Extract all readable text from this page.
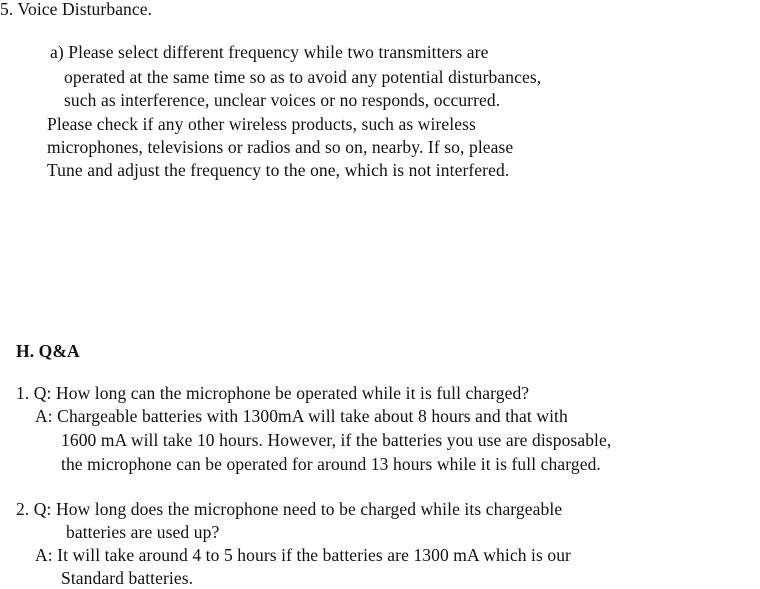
5. Voice Disturbance.
a) Please select different frequency while two transmitters are
operated at the same time so as to avoid any potential disturbances,
such as interference, unclear voices or no responds, occurred.
Please check if any other wireless products, such as wireless
microphones, televisions or radios and so on, nearby. If so, please
Tune and adjust the frequency to the one, which is not interfered.
H. Q&A
1. Q: How long can the microphone be operated while it is full charged?
A: Chargeable batteries with 1300mA will take about 8 hours and that with
1600 mA will take 10 hours. However, if the batteries you use are disposable,
the microphone can be operated for around 13 hours while it is full charged.
2. Q: How long does the microphone need to be charged while its chargeable
batteries are used up?
A: It will take around 4 to 5 hours if the batteries are 1300 mA which is our
Standard batteries.
